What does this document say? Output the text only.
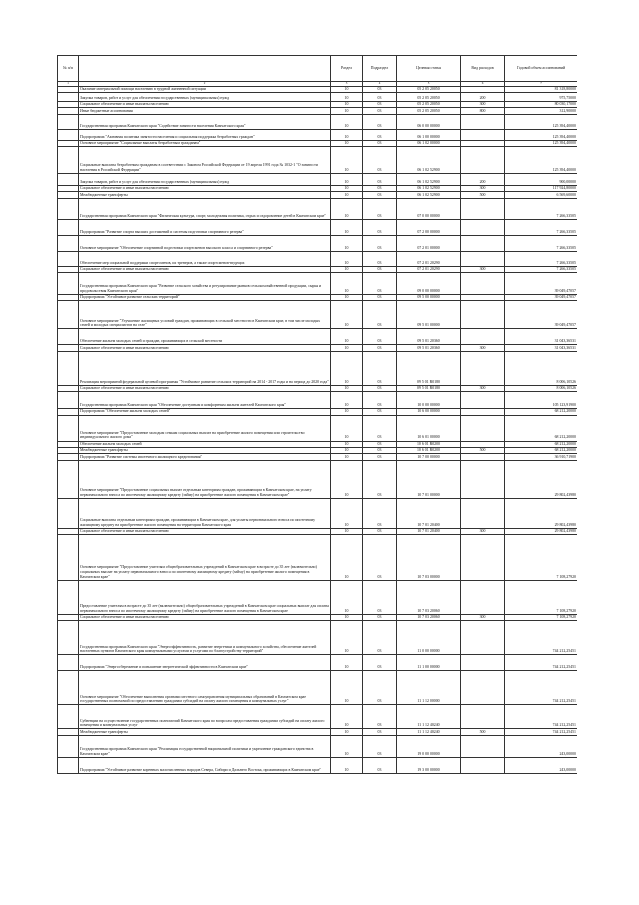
№ п/п		Раздел	Подраздел	Целевая статья	Вид расходов	Годовой объем ассигнований
1	2	3	4	5	6	7
	Оказание материальной помощи населению в трудной жизненной ситуации	10	03	05 2 05 20050		81 318,80000
	Закупка товаров, работ и услуг для обеспечения государственных (муниципальных) нужд	10	03	05 2 05 20050	200	975,75000
	Социальное обеспечение и иные выплаты населению	10	03	05 2 05 20050	300	80 030,17000
	Иные бюджетные ассигнования	10	03	05 2 05 20050	800	312,90000
	Государственная программа Камчатского края "Содействие занятости населения Камчатского края"	10	03	06 0 00 00000		125 394,40000
	Подпрограмма "Активная политика занятости населения и социальная поддержка безработных граждан"	10	03	06 1 00 00000		125 394,40000
	Основное мероприятие "Социальные выплаты безработным гражданам"	10	03	06 1 02 00000		125 394,40000
	Социальные выплаты безработным гражданам в соответствии с Законом Российской Федерации от 19 апреля 1991 года № 1032-1 "О занятости населения в Российской Федерации"	10	03	06 1 02 52900		125 394,40000
	Закупка товаров, работ и услуг для обеспечения государственных (муниципальных) нужд	10	03	06 1 02 52900	200	900,00000
	Социальное обеспечение и иные выплаты населению	10	03	06 1 02 52900	300	117 924,80000
	Межбюджетные трансферты	10	03	06 1 02 52900	500	6 569,60000
	Государственная программа Камчатского края "Физическая культура, спорт, молодежная политика, отдых и оздоровление детей в Камчатском крае"	10	03	07 0 00 00000		7 266,33505
	Подпрограмма "Развитие спорта высших достижений и системы подготовки спортивного резерва"	10	03	07 2 00 00000		7 266,33505
	Основное мероприятие "Обеспечение спортивной подготовки спортсменов высокого класса и спортивного резерва"	10	03	07 2 01 00000		7 266,33505
	Обеспечение мер социальной поддержки спортсменов, их тренеров, а также спортсменов-ведущих	10	03	07 2 01 20290		7 266,33505
	Социальное обеспечение и иные выплаты населению	10	03	07 2 01 20290	300	7 266,33505
	Государственная программа Камчатского края "Развитие сельского хозяйства и регулирование рынков сельскохозяйственной продукции, сырья и продовольствия Камчатского края"	10	03	09 0 00 00000		39 049,47057
	Подпрограмма "Устойчивое развитие сельских территорий"	10	03	09 5 00 00000		39 049,47057
	Основное мероприятие "Улучшение жилищных условий граждан, проживающих в сельской местности в Камчатском крае, в том числе молодых семей и молодых специалистов на селе"	10	03	09 5 01 00000		39 049,47057
	Обеспечение жильем молодых семей и граждан, проживающих в сельской местности	10	03	09 5 01 20360		31 043,36531
	Социальное обеспечение и иные выплаты населению	10	03	09 5 01 20360	300	31 043,36531
	Реализация мероприятий федеральной целевой программы "Устойчивое развитие сельских территорий на 2014 - 2017 годы и на период до 2020 года"	10	03	09 5 01 R0180		8 006,10526
	Социальное обеспечение и иные выплаты населению	10	03	09 5 01 R0180	300	8 006,10526
	Государственная программа Камчатского края "Обеспечение доступным и комфортным жильем жителей Камчатского края"	10	03	10 0 00 00000		105 123,91900
	Подпрограмма "Обеспечение жильем молодых семей"	10	03	10 6 00 00000		68 212,20000
	Основное мероприятие "Предоставление молодым семьям социальных выплат на приобретение жилого помещения или строительство индивидуального жилого дома"	10	03	10 6 01 00000		68 212,20000
	Обеспечение жильем молодых семей	10	03	10 6 01 R0200		68 212,20000
	Межбюджетные трансферты	10	03	10 6 01 R0200	500	68 212,20000
	Подпрограмма "Развитие системы ипотечного жилищного кредитования"	10	03	10 7 00 00000		36 910,71900
	Основное мероприятие "Предоставление социальных выплат отдельным категориям граждан, проживающим в Камчатском крае, на уплату первоначального взноса по ипотечному жилищному кредиту (займу) на приобретение жилого помещения в Камчатском крае"	10	03	10 7 01 00000		29 802,43980
	Социальные выплаты отдельным категориям граждан, проживающим в Камчатском крае, для уплаты первоначального взноса по ипотечному жилищному кредиту на приобретение жилого помещения на территории Камчатского края	10	03	10 7 01 20400		29 802,43980
	Социальное обеспечение и иные выплаты населению	10	03	10 7 01 20400	300	29 802,43980
	Основное мероприятие "Предоставление учителям общеобразовательных учреждений в Камчатском крае в возрасте до 35 лет (включительно) социальных выплат на уплату первоначального взноса по ипотечному жилищному кредиту (займу) на приобретение жилого помещения в Камчатском крае"	10	03	10 7 03 00000		7 108,27920
	Предоставление учителям в возрасте до 35 лет (включительно) общеобразовательных учреждений в Камчатском крае социальных выплат для оплаты первоначального взноса по ипотечному жилищному кредиту (займу) на приобретение жилого помещения в Камчатском крае	10	03	10 7 03 20060		7 108,27920
	Социальное обеспечение и иные выплаты населению	10	03	10 7 03 20060	300	7 108,27920
	Государственная программа Камчатского края "Энергоэффективность, развитие энергетики и коммунального хозяйства, обеспечение жителей населенных пунктов Камчатского края коммунальными услугами и услугами по благоустройству территорий"	10	03	11 0 00 00000		744 212,25451
	Подпрограмма "Энергосбережение и повышение энергетической эффективности в Камчатском крае"	10	03	11 1 00 00000		744 212,25451
	Основное мероприятие "Обеспечение выполнения органами местного самоуправления муниципальных образований в Камчатском крае государственных полномочий по предоставлению гражданам субсидий на оплату жилого помещения и коммунальных услуг"	10	03	11 1 12 00000		744 212,25451
	Субвенции на осуществление государственных полномочий Камчатского края по вопросам предоставления гражданам субсидий на оплату жилого помещения и коммунальных услуг	10	03	11 1 12 40240		744 212,25451
	Межбюджетные трансферты	10	03	11 1 12 40240	500	744 212,25451
	Государственная программа Камчатского края "Реализация государственной национальной политики и укрепление гражданского единства в Камчатском крае"	10	03	19 0 00 00000		243,00000
	Подпрограмма "Устойчивое развитие коренных малочисленных народов Севера, Сибири и Дальнего Востока, проживающих в Камчатском крае"	10	03	19 3 00 00000		243,00000
